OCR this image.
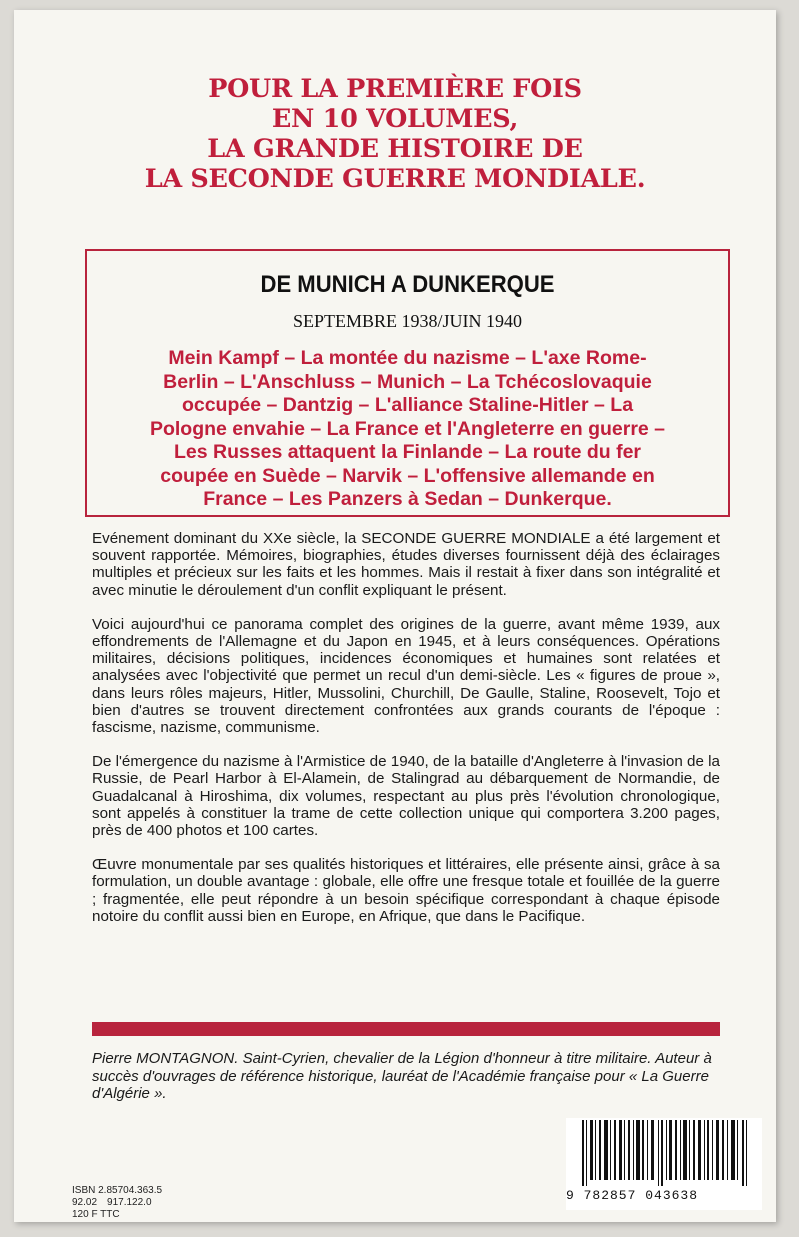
POUR LA PREMIÈRE FOIS
EN 10 VOLUMES,
LA GRANDE HISTOIRE DE
LA SECONDE GUERRE MONDIALE.
DE MUNICH A DUNKERQUE
SEPTEMBRE 1938/JUIN 1940
Mein Kampf – La montée du nazisme – L'axe Rome-
Berlin – L'Anschluss – Munich – La Tchécoslovaquie
occupée – Dantzig – L'alliance Staline-Hitler – La
Pologne envahie – La France et l'Angleterre en guerre –
Les Russes attaquent la Finlande – La route du fer
coupée en Suède – Narvik – L'offensive allemande en
France – Les Panzers à Sedan – Dunkerque.

Evénement dominant du XXe siècle, la SECONDE GUERRE MONDIALE a été largement et souvent rapportée. Mémoires, biographies, études diverses fournissent déjà des éclairages multiples et précieux sur les faits et les hommes. Mais il restait à fixer dans son intégralité et avec minutie le déroulement d'un conflit expliquant le présent.

Voici aujourd'hui ce panorama complet des origines de la guerre, avant même 1939, aux effondrements de l'Allemagne et du Japon en 1945, et à leurs conséquences. Opérations militaires, décisions politiques, incidences économiques et humaines sont relatées et analysées avec l'objectivité que permet un recul d'un demi-siècle. Les « figures de proue », dans leurs rôles majeurs, Hitler, Mussolini, Churchill, De Gaulle, Staline, Roosevelt, Tojo et bien d'autres se trouvent directement confrontées aux grands courants de l'époque : fascisme, nazisme, communisme.

De l'émergence du nazisme à l'Armistice de 1940, de la bataille d'Angleterre à l'invasion de la Russie, de Pearl Harbor à El-Alamein, de Stalingrad au débarquement de Normandie, de Guadalcanal à Hiroshima, dix volumes, respectant au plus près l'évolution chronologique, sont appelés à constituer la trame de cette collection unique qui comportera 3.200 pages, près de 400 photos et 100 cartes.

Œuvre monumentale par ses qualités historiques et littéraires, elle présente ainsi, grâce à sa formulation, un double avantage : globale, elle offre une fresque totale et fouillée de la guerre ; fragmentée, elle peut répondre à un besoin spécifique correspondant à chaque épisode notoire du conflit aussi bien en Europe, en Afrique, que dans le Pacifique.

Pierre MONTAGNON. Saint-Cyrien, chevalier de la Légion d'honneur à titre militaire. Auteur à succès d'ouvrages de référence historique, lauréat de l'Académie française pour « La Guerre d'Algérie ».
ISBN 2.85704.363.5
92.02 917.122.0
120 F TTC
9 782857 043638
